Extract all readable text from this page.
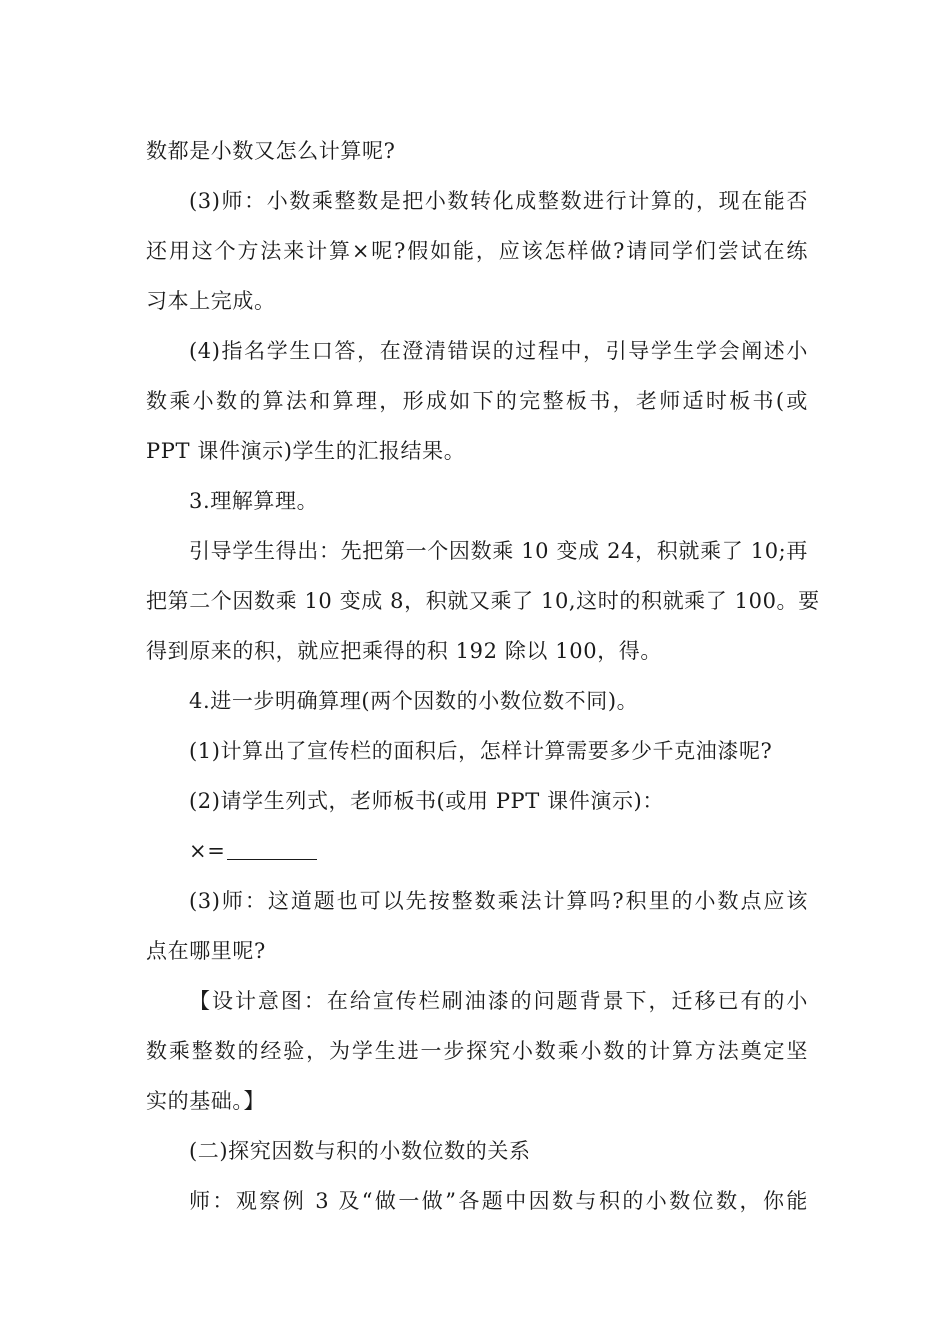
数都是小数又怎么计算呢?
(3)师：小数乘整数是把小数转化成整数进行计算的，现在能否
还用这个方法来计算×呢?假如能，应该怎样做?请同学们尝试在练
习本上完成。
(4)指名学生口答，在澄清错误的过程中，引导学生学会阐述小
数乘小数的算法和算理，形成如下的完整板书，老师适时板书(或
PPT 课件演示)学生的汇报结果。
3.理解算理。
引导学生得出：先把第一个因数乘 10 变成 24，积就乘了 10;再
把第二个因数乘 10 变成 8，积就又乘了 10,这时的积就乘了 100。要
得到原来的积，就应把乘得的积 192 除以 100，得。
4.进一步明确算理(两个因数的小数位数不同)。
(1)计算出了宣传栏的面积后，怎样计算需要多少千克油漆呢?
(2)请学生列式，老师板书(或用 PPT 课件演示)：
×=
(3)师：这道题也可以先按整数乘法计算吗?积里的小数点应该
点在哪里呢?
【设计意图：在给宣传栏刷油漆的问题背景下，迁移已有的小
数乘整数的经验，为学生进一步探究小数乘小数的计算方法奠定坚
实的基础。】
(二)探究因数与积的小数位数的关系
师：观察例 3 及“做一做”各题中因数与积的小数位数，你能
